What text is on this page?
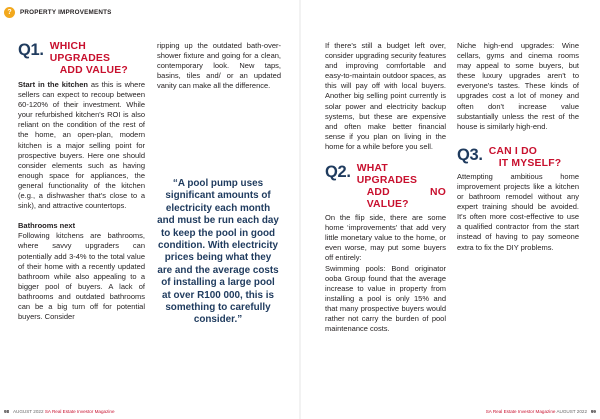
?	PROPERTY IMPROVEMENTS
Q1. WHICH UPGRADES
ADD VALUE?

Start in the kitchen as this is where sellers can expect to recoup between 60-120% of their investment. While your refurbished kitchen's ROI is also reliant on the condition of the rest of the home, an open-plan, modern kitchen is a major selling point for prospective buyers. Here one should consider elements such as having enough space for appliances, the general functionality of the kitchen (e.g., a dishwasher that's close to a sink), and attractive countertops.

Bathrooms next
Following kitchens are bathrooms, where savvy upgraders can potentially add 3-4% to the total value of their home with a recently updated bathroom while also appealing to a bigger pool of buyers. A lack of bathrooms and outdated bathrooms can be a big turn off for potential buyers. Consider

ripping up the outdated bath-over-shower fixture and going for a clean, contemporary look. New taps, basins, tiles and/ or an updated vanity can make all the difference.

“A pool pump uses significant amounts of electricity each month and must be run each day to keep the pool in good condition. With electricity prices being what they are and the average costs of installing a large pool at over R100 000, this is something to carefully consider.”
98 AUGUST 2022 SA Real Estate Investor Magazine

If there's still a budget left over, consider upgrading security features and improving comfortable and easy-to-maintain outdoor spaces, as this will pay off with local buyers. Another big selling point currently is solar power and electricity backup systems, but these are expensive and often make better financial sense if you plan on living in the home for a while before you sell.

Q2. WHAT UPGRADES
ADD NO VALUE?

On the flip side, there are some home ‘improvements’ that add very little monetary value to the home, or even worse, may put some buyers off entirely:

Swimming pools: Bond originator ooba Group found that the average increase to value in property from installing a pool is only 15% and that many prospective buyers would rather not carry the burden of pool maintenance costs.

Niche high-end upgrades: Wine cellars, gyms and cinema rooms may appeal to some buyers, but these luxury upgrades aren't to everyone's tastes. These kinds of upgrades cost a lot of money and often don't increase value substantially unless the rest of the house is similarly high-end.

Q3. CAN I DO
IT MYSELF?

Attempting ambitious home improvement projects like a kitchen or bathroom remodel without any expert training should be avoided. It's often more cost-effective to use a qualified contractor from the start instead of having to pay someone extra to fix the DIY problems.

SA Real Estate Investor Magazine AUGUST 2022 99
